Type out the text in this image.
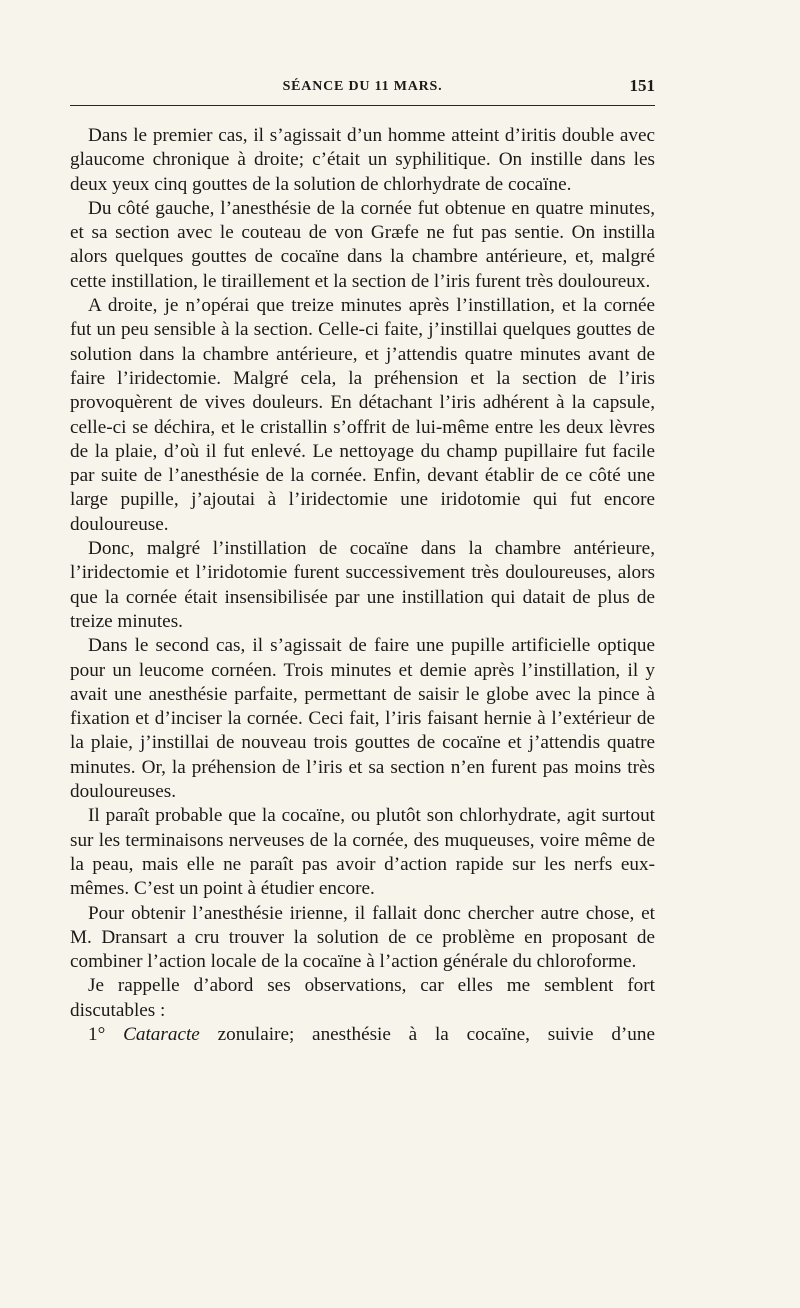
SÉANCE DU 11 MARS.	151

Dans le premier cas, il s’agissait d’un homme atteint d’iritis double avec glaucome chronique à droite; c’était un syphilitique. On instille dans les deux yeux cinq gouttes de la solution de chlorhydrate de cocaïne.

Du côté gauche, l’anesthésie de la cornée fut obtenue en quatre minutes, et sa section avec le couteau de von Græfe ne fut pas sentie. On instilla alors quelques gouttes de cocaïne dans la chambre antérieure, et, malgré cette instillation, le tiraillement et la section de l’iris furent très douloureux.

A droite, je n’opérai que treize minutes après l’instillation, et la cornée fut un peu sensible à la section. Celle-ci faite, j’instillai quelques gouttes de solution dans la chambre antérieure, et j’attendis quatre minutes avant de faire l’iridectomie. Malgré cela, la préhension et la section de l’iris provoquèrent de vives douleurs. En détachant l’iris adhérent à la capsule, celle-ci se déchira, et le cristallin s’offrit de lui-même entre les deux lèvres de la plaie, d’où il fut enlevé. Le nettoyage du champ pupillaire fut facile par suite de l’anesthésie de la cornée. Enfin, devant établir de ce côté une large pupille, j’ajoutai à l’iridectomie une iridotomie qui fut encore douloureuse.

Donc, malgré l’instillation de cocaïne dans la chambre antérieure, l’iridectomie et l’iridotomie furent successivement très douloureuses, alors que la cornée était insensibilisée par une instillation qui datait de plus de treize minutes.

Dans le second cas, il s’agissait de faire une pupille artificielle optique pour un leucome cornéen. Trois minutes et demie après l’instillation, il y avait une anesthésie parfaite, permettant de saisir le globe avec la pince à fixation et d’inciser la cornée. Ceci fait, l’iris faisant hernie à l’extérieur de la plaie, j’instillai de nouveau trois gouttes de cocaïne et j’attendis quatre minutes. Or, la préhension de l’iris et sa section n’en furent pas moins très douloureuses.

Il paraît probable que la cocaïne, ou plutôt son chlorhydrate, agit surtout sur les terminaisons nerveuses de la cornée, des muqueuses, voire même de la peau, mais elle ne paraît pas avoir d’action rapide sur les nerfs eux-mêmes. C’est un point à étudier encore.

Pour obtenir l’anesthésie irienne, il fallait donc chercher autre chose, et M. Dransart a cru trouver la solution de ce problème en proposant de combiner l’action locale de la cocaïne à l’action générale du chloroforme.

Je rappelle d’abord ses observations, car elles me semblent fort discutables :

1° Cataracte zonulaire; anesthésie à la cocaïne, suivie d’une
